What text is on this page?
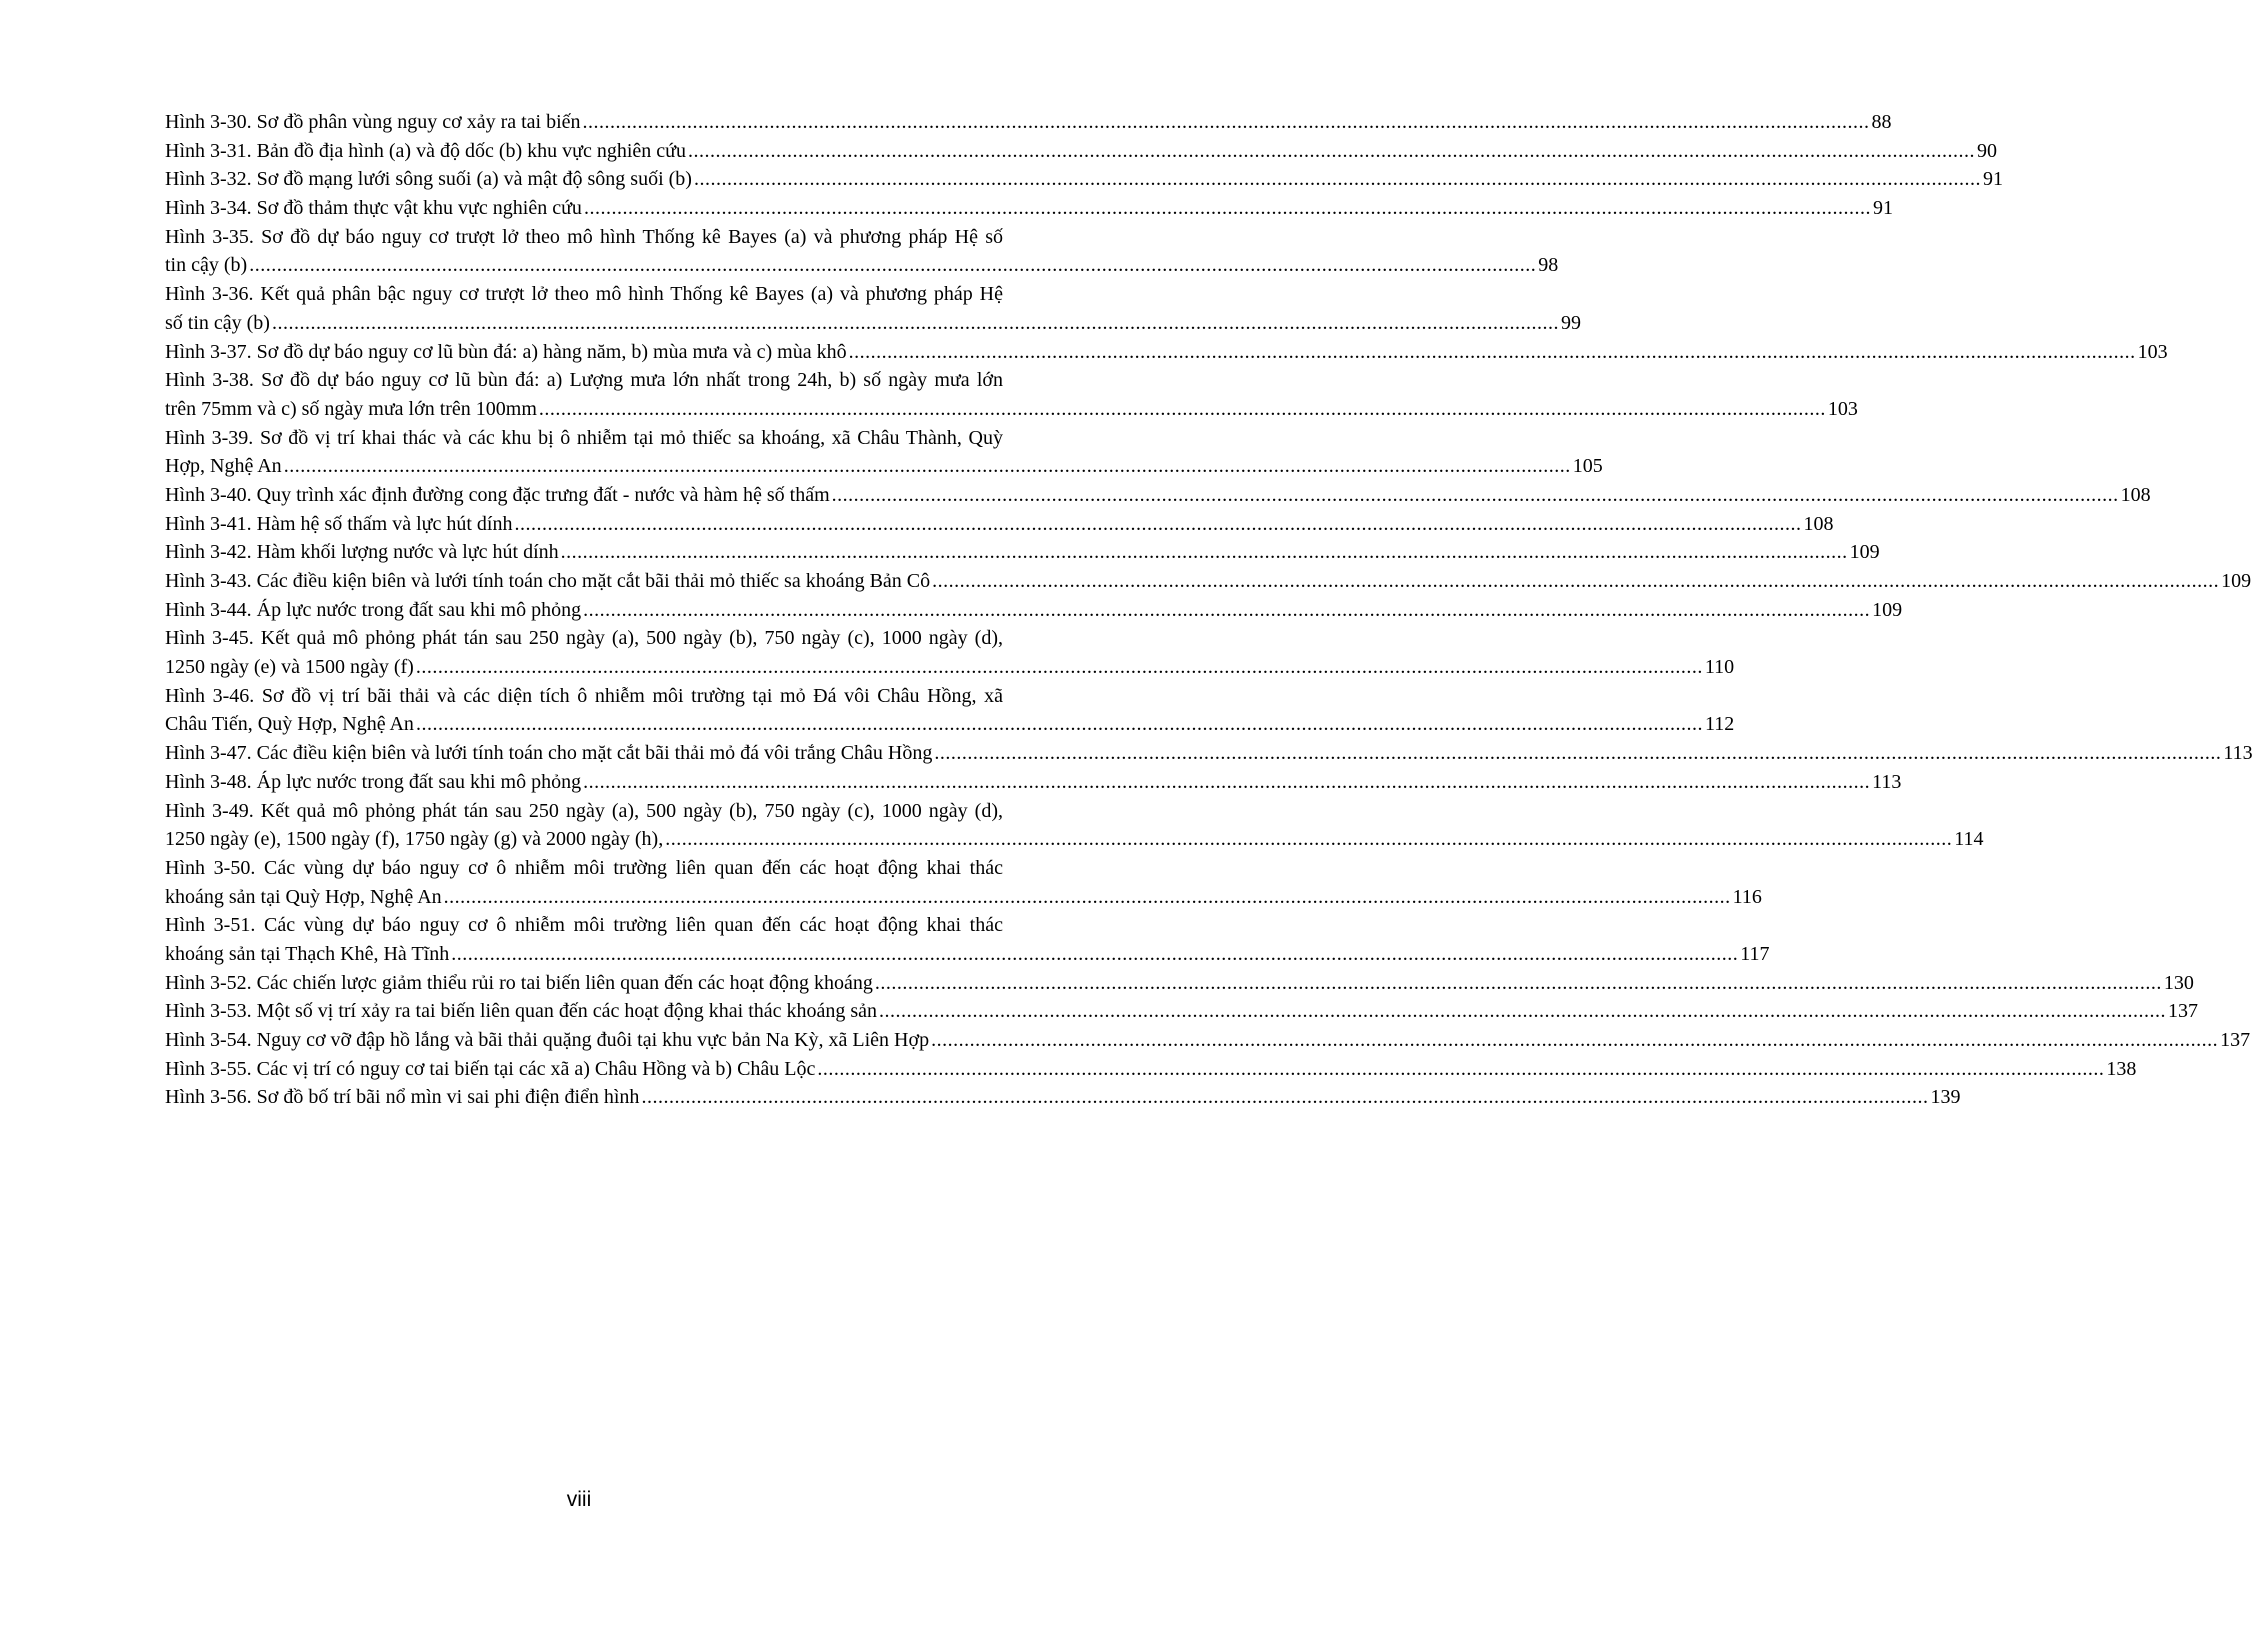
Hình 3-30. Sơ đồ phân vùng nguy cơ xảy ra tai biến .....	88
Hình 3-31. Bản đồ địa hình (a) và độ dốc (b) khu vực nghiên cứu .....	90
Hình 3-32. Sơ đồ mạng lưới sông suối (a) và mật độ sông suối (b) .....	91
Hình 3-34. Sơ đồ thảm thực vật khu vực nghiên cứu .....	91
Hình 3-35. Sơ đồ dự báo nguy cơ trượt lở theo mô hình Thống kê Bayes (a) và phương pháp Hệ số
tin cậy (b) .....	98
Hình 3-36. Kết quả phân bậc nguy cơ trượt lở theo mô hình Thống kê Bayes (a) và phương pháp Hệ
số tin cậy (b) .....	99
Hình 3-37. Sơ đồ dự báo nguy cơ lũ bùn đá: a) hàng năm, b) mùa mưa và c) mùa khô .....	103
Hình 3-38. Sơ đồ dự báo nguy cơ lũ bùn đá: a) Lượng mưa lớn nhất trong 24h, b) số ngày mưa lớn
trên 75mm và c) số ngày mưa lớn trên 100mm .....	103
Hình 3-39. Sơ đồ vị trí khai thác và các khu bị ô nhiễm tại mỏ thiếc sa khoáng, xã Châu Thành, Quỳ
Hợp, Nghệ An .....	105
Hình 3-40. Quy trình xác định đường cong đặc trưng đất - nước và hàm hệ số thấm .....	108
Hình 3-41. Hàm hệ số thấm và lực hút dính .....	108
Hình 3-42. Hàm khối lượng nước và lực hút dính .....	109
Hình 3-43. Các điều kiện biên và lưới tính toán cho mặt cắt bãi thải mỏ thiếc sa khoáng Bản Cô .....	109
Hình 3-44. Áp lực nước trong đất sau khi mô phỏng .....	109
Hình 3-45. Kết quả mô phỏng phát tán sau 250 ngày (a), 500 ngày (b), 750 ngày (c), 1000 ngày (d),
1250 ngày (e) và 1500 ngày (f) .....	110
Hình 3-46. Sơ đồ vị trí bãi thải và các diện tích ô nhiễm môi trường tại mỏ Đá vôi Châu Hồng, xã
Châu Tiến, Quỳ Hợp, Nghệ An .....	112
Hình 3-47. Các điều kiện biên và lưới tính toán cho mặt cắt bãi thải mỏ đá vôi trắng Châu Hồng .....	113
Hình 3-48. Áp lực nước trong đất sau khi mô phỏng .....	113
Hình 3-49. Kết quả mô phỏng phát tán sau 250 ngày (a), 500 ngày (b), 750 ngày (c), 1000 ngày (d),
1250 ngày (e), 1500 ngày (f), 1750 ngày (g) và 2000 ngày (h), .....	114
Hình 3-50. Các vùng dự báo nguy cơ ô nhiễm môi trường liên quan đến các hoạt động khai thác
khoáng sản tại Quỳ Hợp, Nghệ An .....	116
Hình 3-51. Các vùng dự báo nguy cơ ô nhiễm môi trường liên quan đến các hoạt động khai thác
khoáng sản tại Thạch Khê, Hà Tĩnh .....	117
Hình 3-52. Các chiến lược giảm thiểu rủi ro tai biến liên quan đến các hoạt động khoáng .....	130
Hình 3-53. Một số vị trí xảy ra tai biến liên quan đến các hoạt động khai thác khoáng sản .....	137
Hình 3-54. Nguy cơ vỡ đập hồ lắng và bãi thải quặng đuôi tại khu vực bản Na Kỳ, xã Liên Hợp .....	137
Hình 3-55. Các vị trí có nguy cơ tai biến tại các xã a) Châu Hồng và b) Châu Lộc .....	138
Hình 3-56. Sơ đồ bố trí bãi nổ mìn vi sai phi điện điển hình .....	139
viii
